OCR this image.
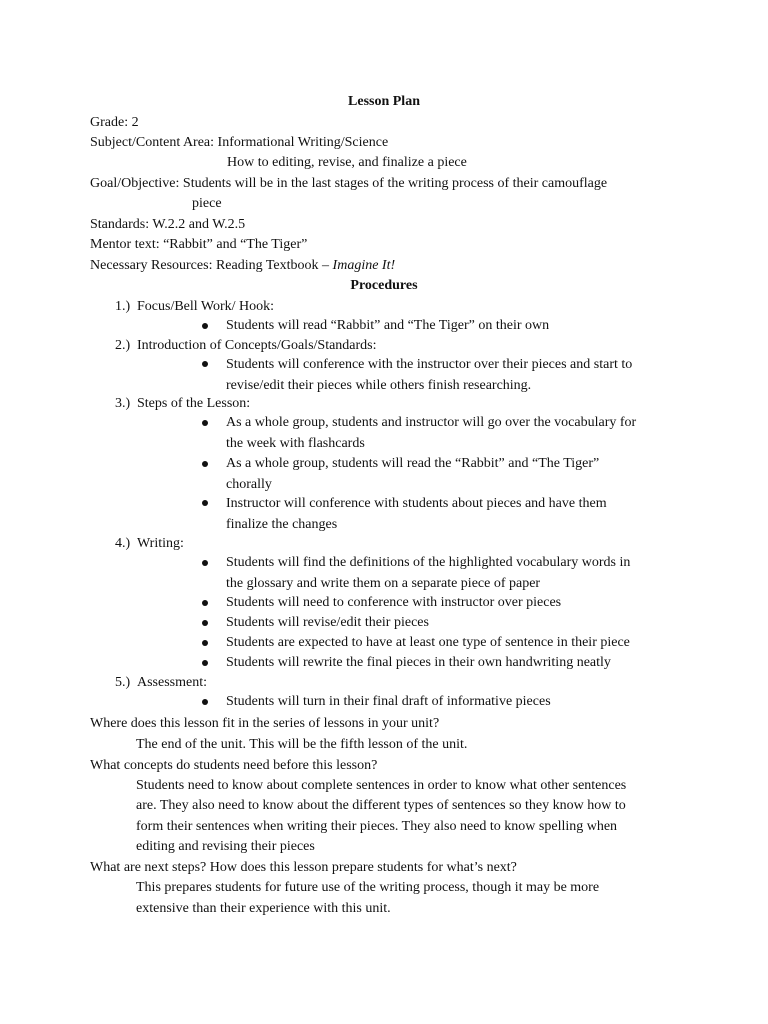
Lesson Plan
Grade: 2
Subject/Content Area: Informational Writing/Science
How to editing, revise, and finalize a piece
Goal/Objective: Students will be in the last stages of the writing process of their camouflage
piece
Standards: W.2.2 and W.2.5
Mentor text: “Rabbit” and “The Tiger”
Necessary Resources: Reading Textbook – Imagine It!
Procedures
1.) Focus/Bell Work/ Hook:
Students will read “Rabbit” and “The Tiger” on their own
2.) Introduction of Concepts/Goals/Standards:
Students will conference with the instructor over their pieces and start to
revise/edit their pieces while others finish researching.
3.) Steps of the Lesson:
As a whole group, students and instructor will go over the vocabulary for
the week with flashcards
As a whole group, students will read the “Rabbit” and “The Tiger”
chorally
Instructor will conference with students about pieces and have them
finalize the changes
4.) Writing:
Students will find the definitions of the highlighted vocabulary words in
the glossary and write them on a separate piece of paper
Students will need to conference with instructor over pieces
Students will revise/edit their pieces
Students are expected to have at least one type of sentence in their piece
Students will rewrite the final pieces in their own handwriting neatly
5.) Assessment:
Students will turn in their final draft of informative pieces
Where does this lesson fit in the series of lessons in your unit?
The end of the unit. This will be the fifth lesson of the unit.
What concepts do students need before this lesson?
Students need to know about complete sentences in order to know what other sentences
are. They also need to know about the different types of sentences so they know how to
form their sentences when writing their pieces. They also need to know spelling when
editing and revising their pieces
What are next steps? How does this lesson prepare students for what’s next?
This prepares students for future use of the writing process, though it may be more
extensive than their experience with this unit.
